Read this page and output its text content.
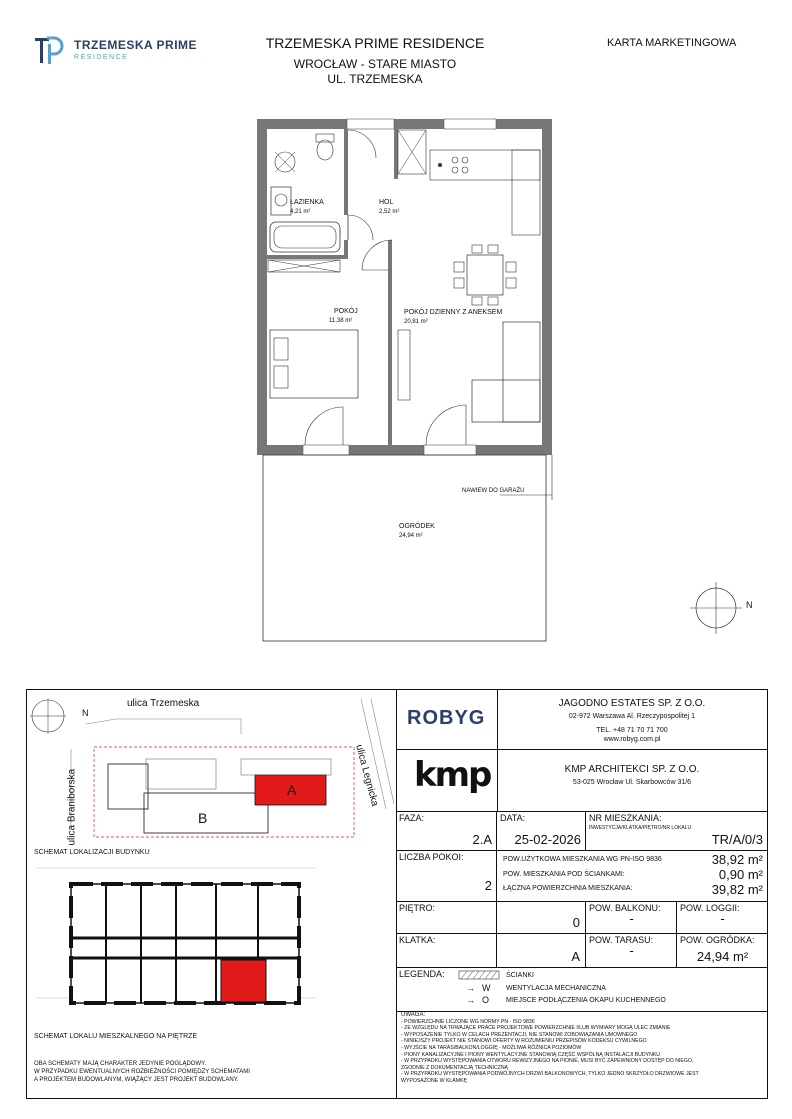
TRZEMESKA PRIME
RESIDENCE
TRZEMESKA PRIME RESIDENCE
WROCŁAW - STARE MIASTO
UL. TRZEMESKA
KARTA MARKETINGOWA
ŁAZIENKA
4,21 m²
HOL
2,52 m²
POKÓJ
11,38 m²
POKÓJ DZIENNY Z ANEKSEM
20,81 m²
OGRÓDEK
24,94 m²
NAWIEW DO GARAŻU
N
ulica Trzemeska
ulica Braniborska	ulica Legnicka
N
B
A
SCHEMAT LOKALIZACJI BUDYNKU
SCHEMAT LOKALU MIESZKALNEGO NA PIĘTRZE
OBA SCHEMATY MAJĄ CHARAKTER JEDYNIE POGLĄDOWY.
W PRZYPADKU EWENTUALNYCH ROZBIEŻNOŚCI POMIĘDZY SCHEMATAMI
A PROJEKTEM BUDOWLANYM, WIĄŻĄCY JEST PROJEKT BUDOWLANY.
ROBYG
JAGODNO ESTATES SP. Z O.O.
02-972 Warszawa Al. Rzeczypospolitej 1
TEL. +48 71 70 71 700
www.robyg.com.pl
kmp	KMP ARCHITEKCI SP. Z O.O.
53-025 Wrocław Ul. Skarbowców 31/6
FAZA:
2.A
DATA:
25-02-2026
NR MIESZKANIA:
INWESTYCJA/KLATKA/PIĘTRO/NR LOKALU
TR/A/0/3
LICZBA POKOI:
2
POW.UŻYTKOWA MIESZKANIA WG PN-ISO 9836	38,92 m²
POW. MIESZKANIA POD ŚCIANKAMI:	0,90 m²
ŁĄCZNA POWIERZCHNIA MIESZKANIA:	39,82 m²
PIĘTRO:
0
POW. BALKONU:
-
POW. LOGGII:
-
KLATKA:
A
POW. TARASU:
-
POW. OGRÓDKA:
24,94 m²
LEGENDA:	ŚCIANKI
→ W WENTYLACJA MECHANICZNA
→ O MIEJSCE PODŁĄCZENIA OKAPU KUCHENNEGO
UWAGA:
- POWIERZCHNIE LICZONE WG NORMY PN - ISO 9836
- ZE WZGLĘDU NA TRWAJĄCE PRACE PROJEKTOWE POWIERZCHNIE I/LUB WYMIARY MOGĄ ULEC ZMIANIE
- WYPOSAŻENIE TYLKO W CELACH PREZENTACJI, NIE STANOWI ZOBOWIĄZANIA UMOWNEGO
- NINIEJSZY PROJEKT NIE STANOWI OFERTY W ROZUMIENIU PRZEPISÓW KODEKSU CYWILNEGO
- WYJŚCIE NA TARAS/BALKON/LOGGIĘ - MOŻLIWA RÓŻNICA POZIOMÓW
- PIONY KANALIZACYJNE I PIONY WENTYLACYJNE STANOWIĄ CZĘŚĆ WSPÓLNĄ INSTALACJI BUDYNKU
- W PRZYPADKU WYSTĘPOWANIA OTWORU REWIZYJNEGO NA PIONIE, MUSI BYĆ ZAPEWNIONY DOSTĘP DO NIEGO,
ZGODNIE Z DOKUMENTACJĄ TECHNICZNĄ
- W PRZYPADKU WYSTĘPOWANIA PODWÓJNYCH DRZWI BALKONOWYCH, TYLKO JEDNO SKRZYDŁO DRZWIOWE JEST
WYPOSAŻONE W KLAMKĘ
